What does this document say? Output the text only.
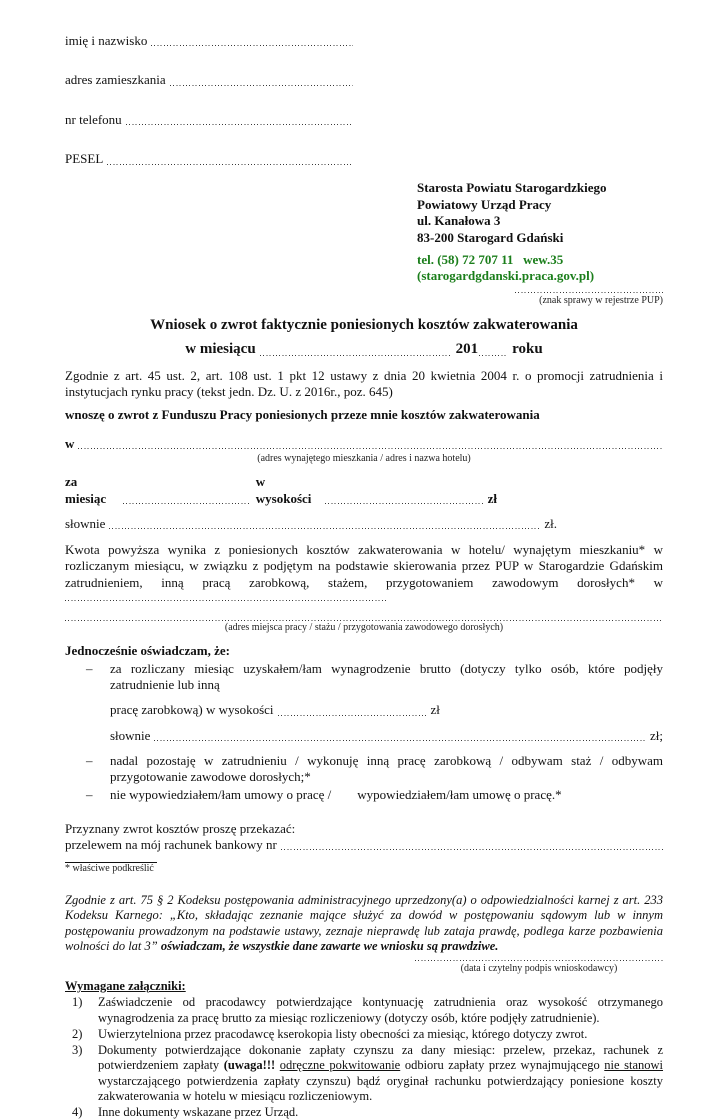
imię i nazwisko
adres zamieszkania
nr telefonu
PESEL
Starosta Powiatu Starogardzkiego
Powiatowy Urząd Pracy
ul. Kanałowa 3
83-200 Starogard Gdański
tel. (58) 72 707 11   wew.35
(starogardgdanski.praca.gov.pl)
(znak sprawy w rejestrze PUP)
Wniosek o zwrot faktycznie poniesionych kosztów zakwaterowania
w miesiącu	201 roku
Zgodnie z art. 45 ust. 2, art. 108 ust. 1 pkt 12 ustawy z dnia 20 kwietnia 2004 r. o promocji zatrudnienia i instytucjach rynku pracy (tekst jedn. Dz. U. z 2016r., poz. 645)
wnoszę o zwrot z Funduszu Pracy poniesionych przeze mnie kosztów zakwaterowania
w
(adres wynajętego mieszkania / adres i nazwa hotelu)
za miesiąc
w wysokości	zł
słownie	zł.
Kwota powyższa wynika z poniesionych kosztów zakwaterowania w hotelu/ wynajętym mieszkaniu* w rozliczanym miesiącu, w związku z podjętym na podstawie skierowania przez PUP w Starogardzie Gdańskim zatrudnieniem, inną pracą zarobkową, stażem, przygotowaniem zawodowym dorosłych* w
(adres miejsca pracy / stażu / przygotowania zawodowego dorosłych)
Jednocześnie oświadczam, że:
–	za rozliczany miesiąc uzyskałem/łam wynagrodzenie brutto (dotyczy tylko osób, które podjęły zatrudnienie lub inną
pracę zarobkową) w wysokości	zł
słownie	zł;
–	nadal pozostaję w zatrudnieniu / wykonuję inną pracę zarobkową / odbywam staż / odbywam przygotowanie zawodowe dorosłych;*
–	nie wypowiedziałem/łam umowy o pracę /        wypowiedziałem/łam umowę o pracę.*
Przyznany zwrot kosztów proszę przekazać:
przelewem na mój rachunek bankowy nr
* właściwe podkreślić
Zgodnie z art. 75 § 2 Kodeksu postępowania administracyjnego uprzedzony(a) o odpowiedzialności karnej z art. 233 Kodeksu Karnego: „Kto, składając zeznanie mające służyć za dowód w postępowaniu sądowym lub w innym postępowaniu prowadzonym na podstawie ustawy, zeznaje nieprawdę lub zataja prawdę, podlega karze pozbawienia wolności do lat 3” oświadczam, że wszystkie dane zawarte we wniosku są prawdziwe.
(data i czytelny podpis wnioskodawcy)
Wymagane załączniki:
1)	Zaświadczenie od pracodawcy potwierdzające kontynuację zatrudnienia oraz wysokość otrzymanego wynagrodzenia za pracę brutto za miesiąc rozliczeniowy (dotyczy osób, które podjęły zatrudnienie).
2)	Uwierzytelniona przez pracodawcę kserokopia listy obecności za miesiąc, którego dotyczy zwrot.
3)	Dokumenty potwierdzające dokonanie zapłaty czynszu za dany miesiąc: przelew, przekaz, rachunek z potwierdzeniem zapłaty (uwaga!!! odręczne pokwitowanie odbioru zapłaty przez wynajmującego nie stanowi wystarczającego potwierdzenia zapłaty czynszu) bądź oryginał rachunku potwierdzający poniesione koszty zakwaterowania w hotelu w miesiącu rozliczeniowym.
4)	Inne dokumenty wskazane przez Urząd.
